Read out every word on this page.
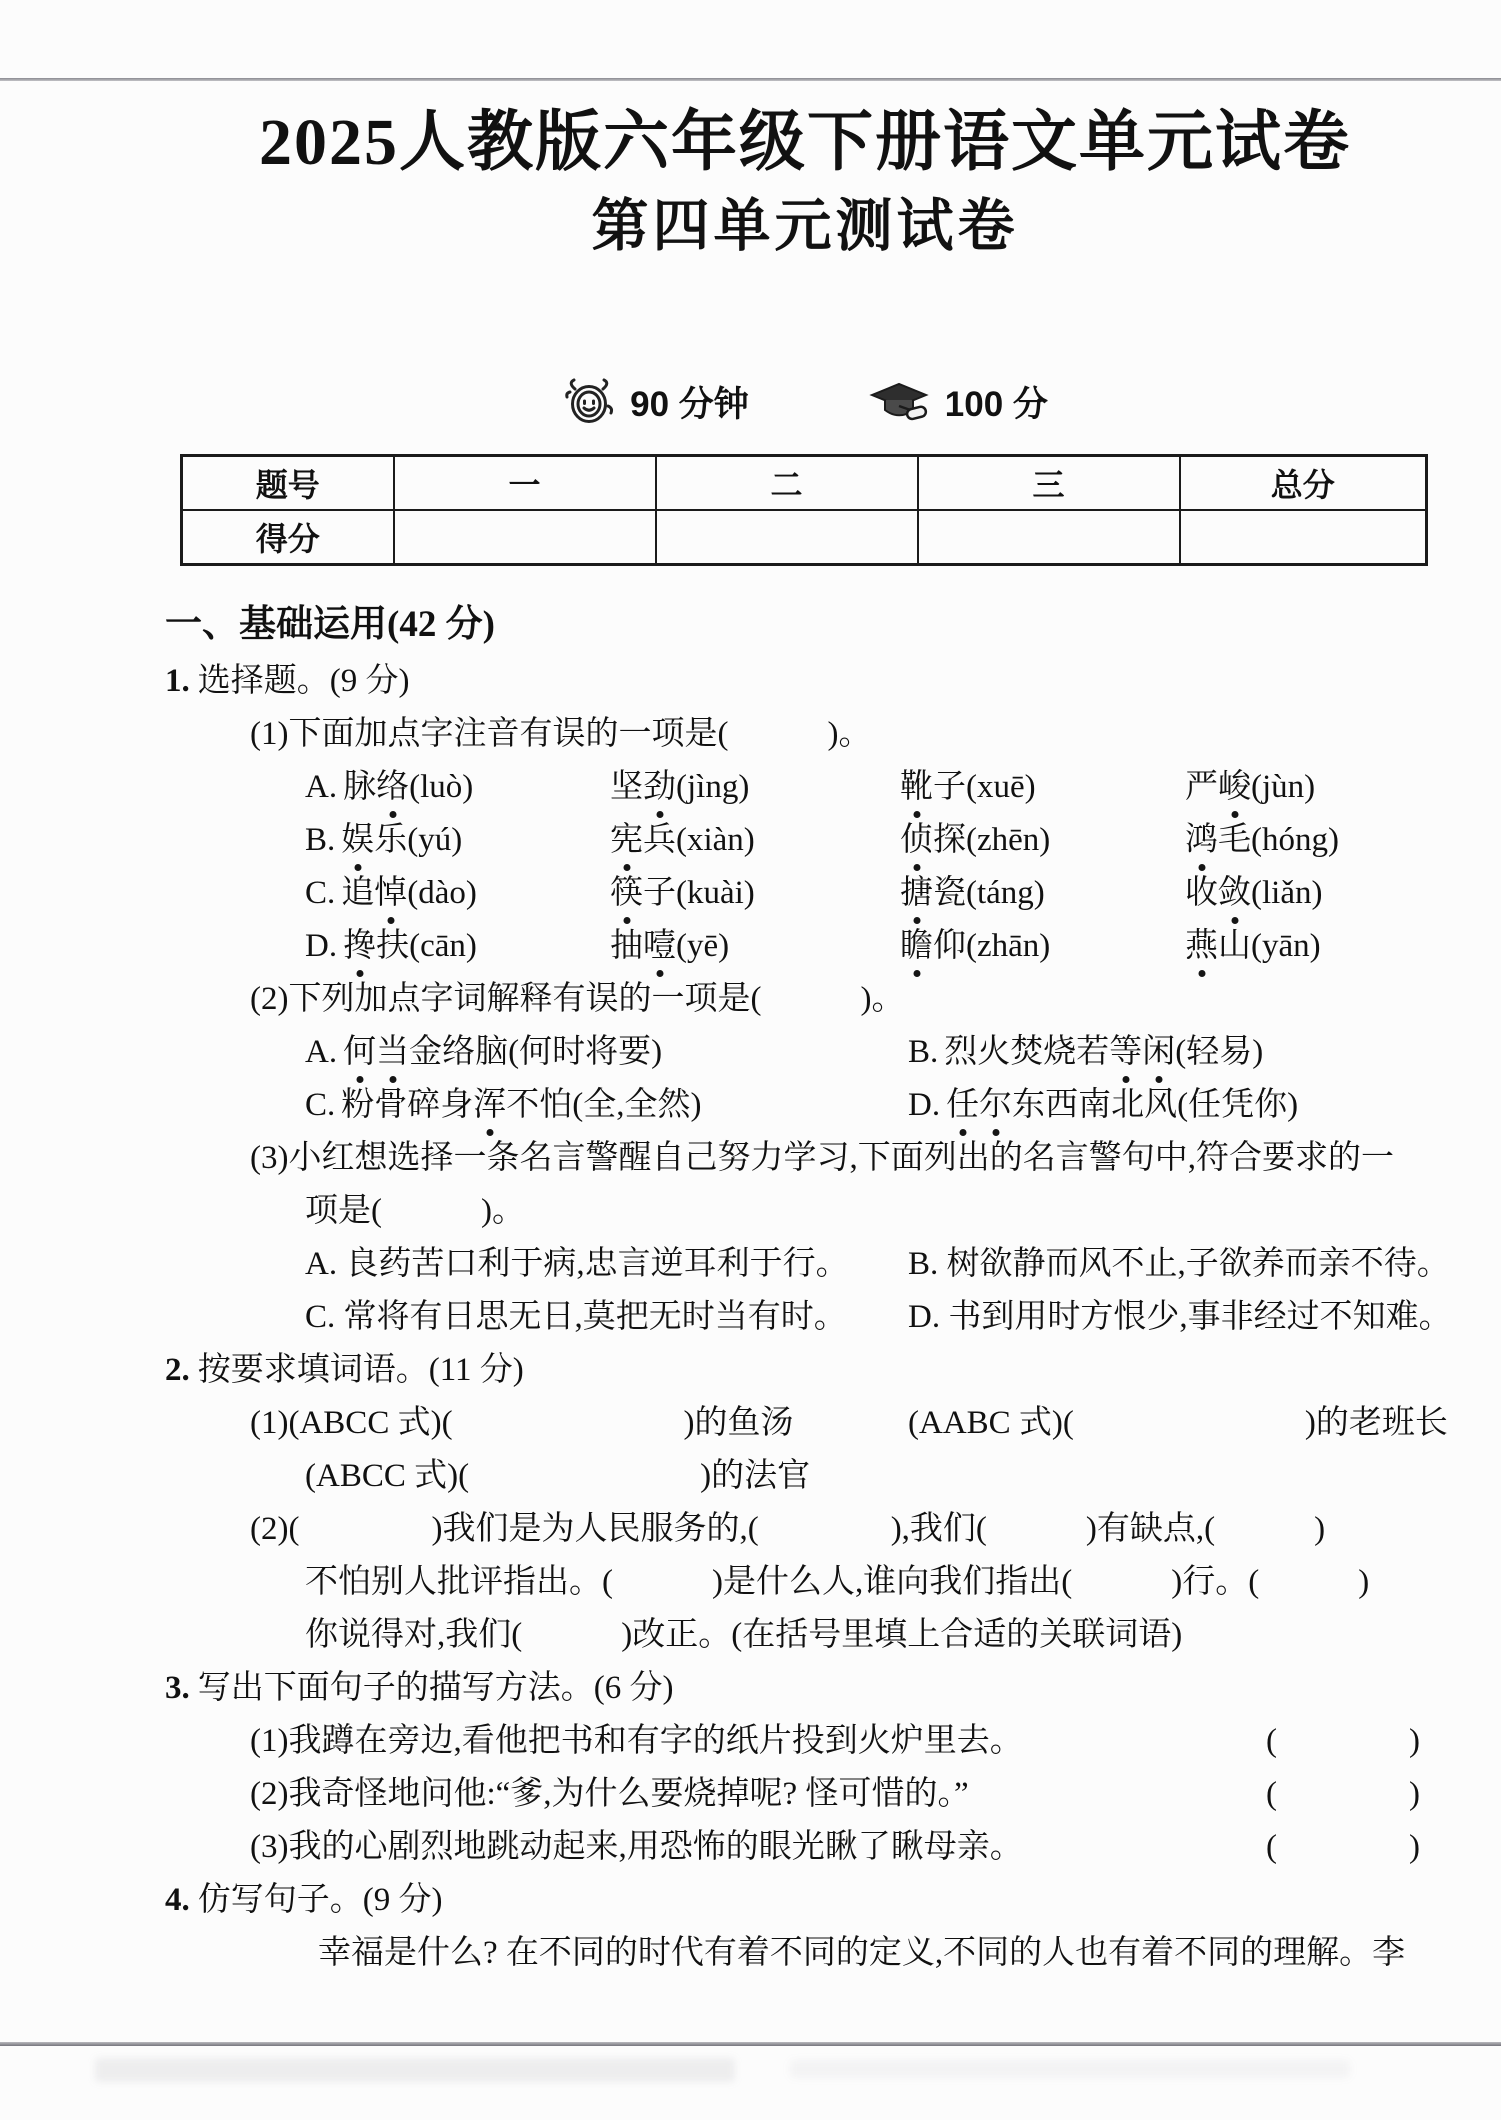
2025人教版六年级下册语文单元试卷
第四单元测试卷
90 分钟	100 分
题号	一	二	三	总分
得分				
一、基础运用(42 分)
1. 选择题。(9 分)
(1)下面加点字注音有误的一项是(　　　)。
A. 脉络(luò)	坚劲(jìng)	靴子(xuē)	严峻(jùn)
B. 娱乐(yú)	宪兵(xiàn)	侦探(zhēn)	鸿毛(hóng)
C. 追悼(dào)	筷子(kuài)	搪瓷(táng)	收敛(liǎn)
D. 搀扶(cān)	抽噎(yē)	瞻仰(zhān)	燕山(yān)
(2)下列加点字词解释有误的一项是(　　　)。
A. 何当金络脑(何时将要)	B. 烈火焚烧若等闲(轻易)
C. 粉骨碎身浑不怕(全,全然)	D. 任尔东西南北风(任凭你)
(3)小红想选择一条名言警醒自己努力学习,下面列出的名言警句中,符合要求的一
项是(　　　)。
A. 良药苦口利于病,忠言逆耳利于行。	B. 树欲静而风不止,子欲养而亲不待。
C. 常将有日思无日,莫把无时当有时。	D. 书到用时方恨少,事非经过不知难。
2. 按要求填词语。(11 分)
(1)(ABCC 式)(　　　　　　　)的鱼汤	(AABC 式)(　　　　　　　)的老班长
(ABCC 式)(　　　　　　　)的法官
(2)(　　　　)我们是为人民服务的,(　　　　),我们(　　　)有缺点,(　　　)
不怕别人批评指出。(　　　)是什么人,谁向我们指出(　　　)行。(　　　)
你说得对,我们(　　　)改正。(在括号里填上合适的关联词语)
3. 写出下面句子的描写方法。(6 分)
(1)我蹲在旁边,看他把书和有字的纸片投到火炉里去。	(　　　　)
(2)我奇怪地问他:“爹,为什么要烧掉呢? 怪可惜的。”	(　　　　)
(3)我的心剧烈地跳动起来,用恐怖的眼光瞅了瞅母亲。	(　　　　)
4. 仿写句子。(9 分)
幸福是什么? 在不同的时代有着不同的定义,不同的人也有着不同的理解。李
